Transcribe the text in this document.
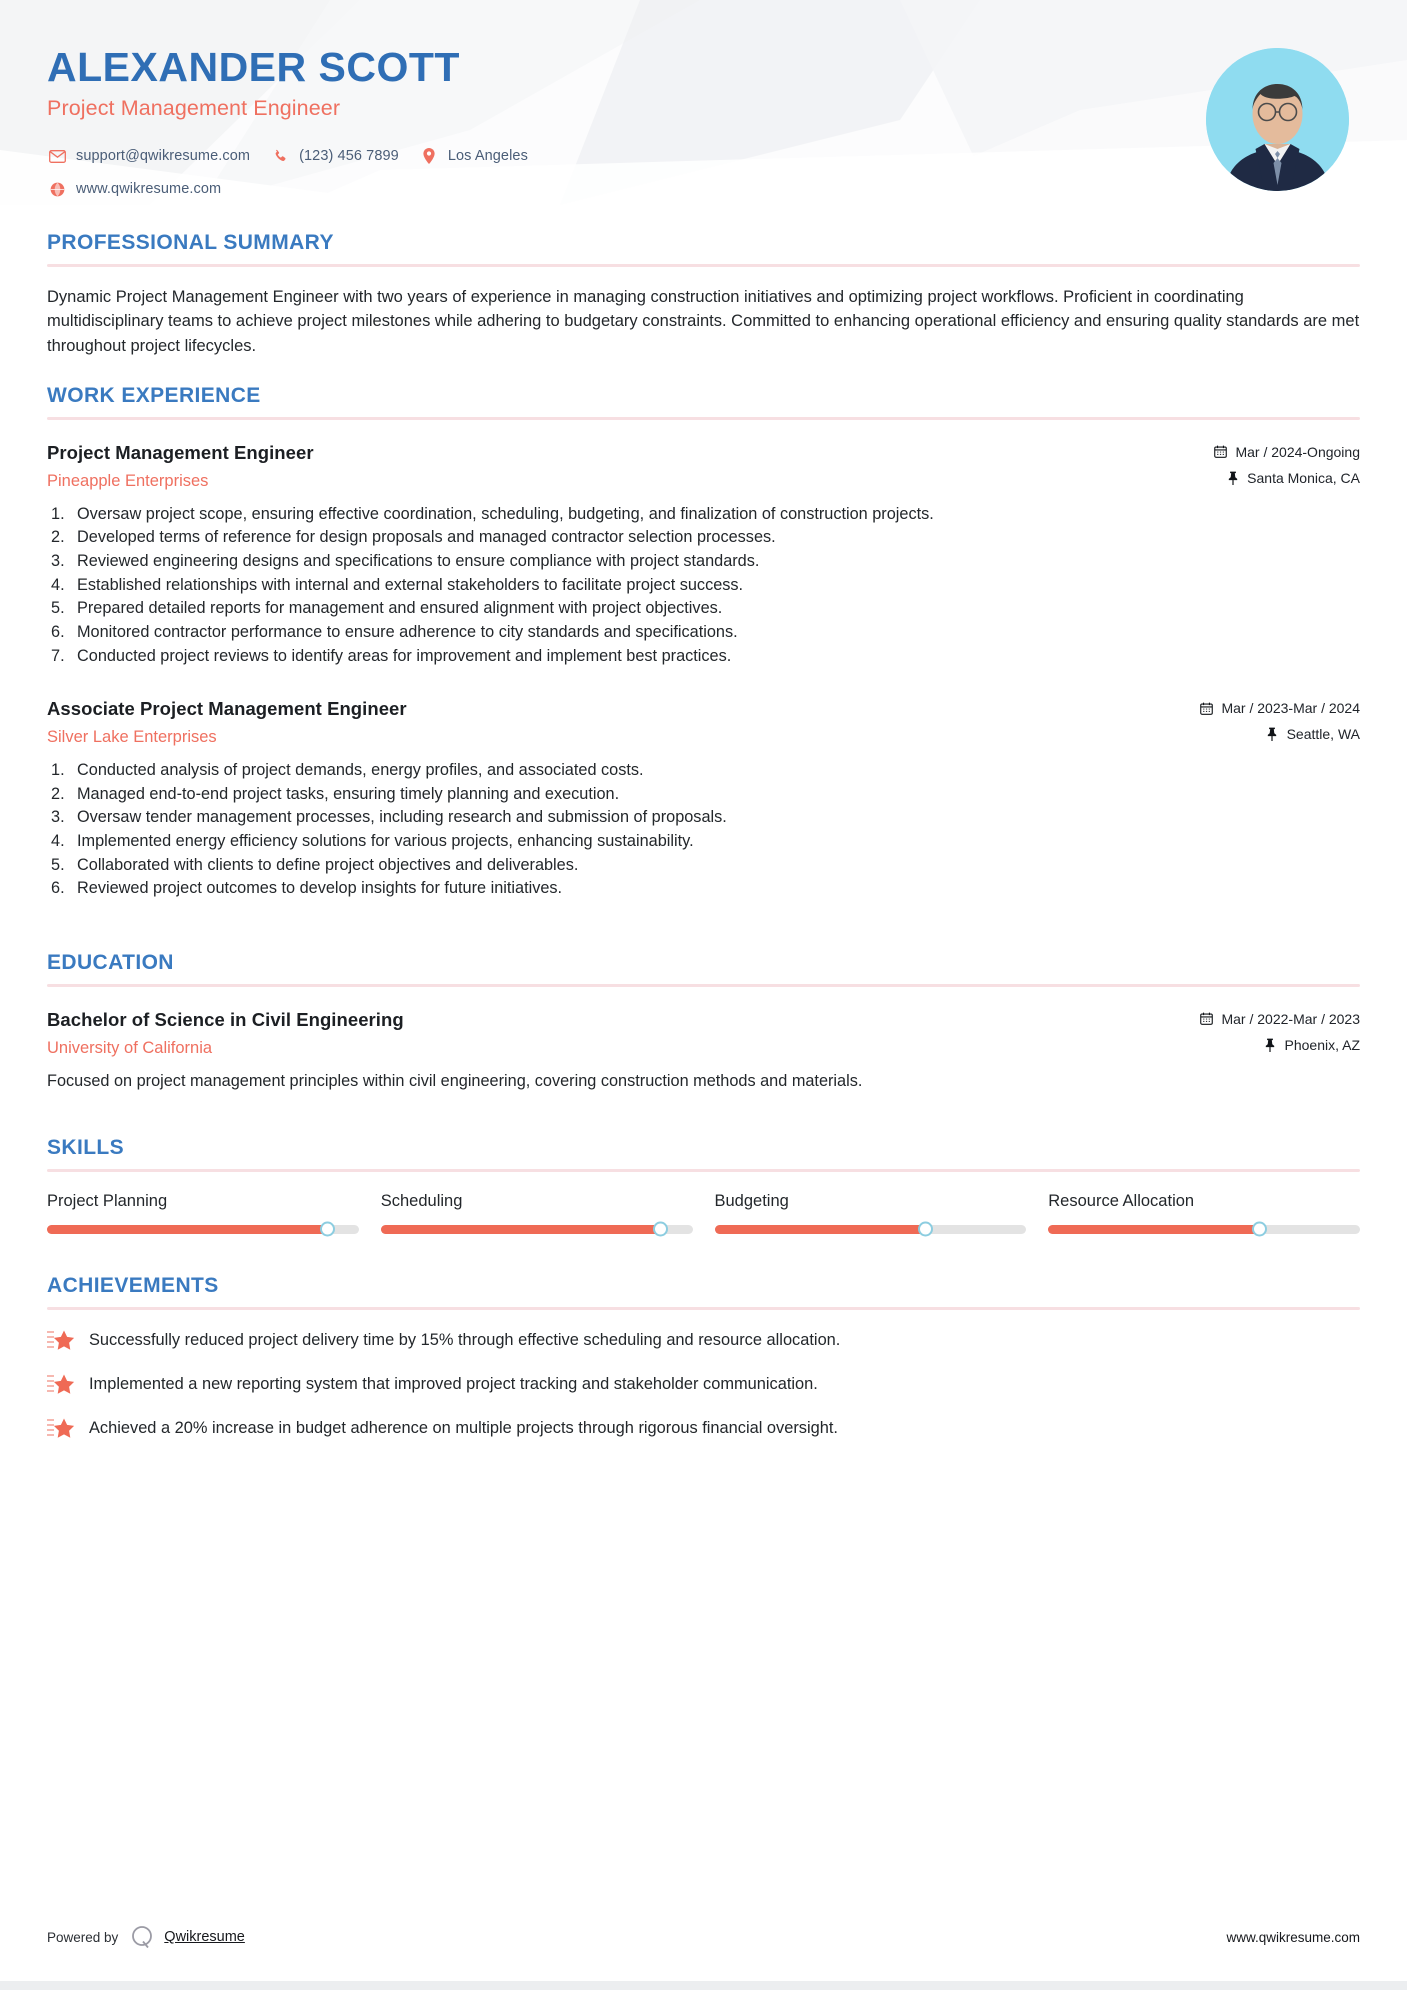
ALEXANDER SCOTT
Project Management Engineer
support@qwikresume.com	(123) 456 7899	Los Angeles
www.qwikresume.com
PROFESSIONAL SUMMARY

Dynamic Project Management Engineer with two years of experience in managing construction initiatives and optimizing project workflows. Proficient in coordinating multidisciplinary teams to achieve project milestones while adhering to budgetary constraints. Committed to enhancing operational efficiency and ensuring quality standards are met throughout project lifecycles.

WORK EXPERIENCE
Project Management Engineer
Pineapple Enterprises
Mar / 2024-Ongoing
Santa Monica, CA
Oversaw project scope, ensuring effective coordination, scheduling, budgeting, and finalization of construction projects.
Developed terms of reference for design proposals and managed contractor selection processes.
Reviewed engineering designs and specifications to ensure compliance with project standards.
Established relationships with internal and external stakeholders to facilitate project success.
Prepared detailed reports for management and ensured alignment with project objectives.
Monitored contractor performance to ensure adherence to city standards and specifications.
Conducted project reviews to identify areas for improvement and implement best practices.
Associate Project Management Engineer
Silver Lake Enterprises
Mar / 2023-Mar / 2024
Seattle, WA
Conducted analysis of project demands, energy profiles, and associated costs.
Managed end-to-end project tasks, ensuring timely planning and execution.
Oversaw tender management processes, including research and submission of proposals.
Implemented energy efficiency solutions for various projects, enhancing sustainability.
Collaborated with clients to define project objectives and deliverables.
Reviewed project outcomes to develop insights for future initiatives.
EDUCATION
Bachelor of Science in Civil Engineering
University of California
Mar / 2022-Mar / 2023
Phoenix, AZ

Focused on project management principles within civil engineering, covering construction methods and materials.

SKILLS
Project Planning	Scheduling	Budgeting	Resource Allocation
ACHIEVEMENTS
Successfully reduced project delivery time by 15% through effective scheduling and resource allocation.
Implemented a new reporting system that improved project tracking and stakeholder communication.
Achieved a 20% increase in budget adherence on multiple projects through rigorous financial oversight.
Powered by	Qwikresume	www.qwikresume.com
